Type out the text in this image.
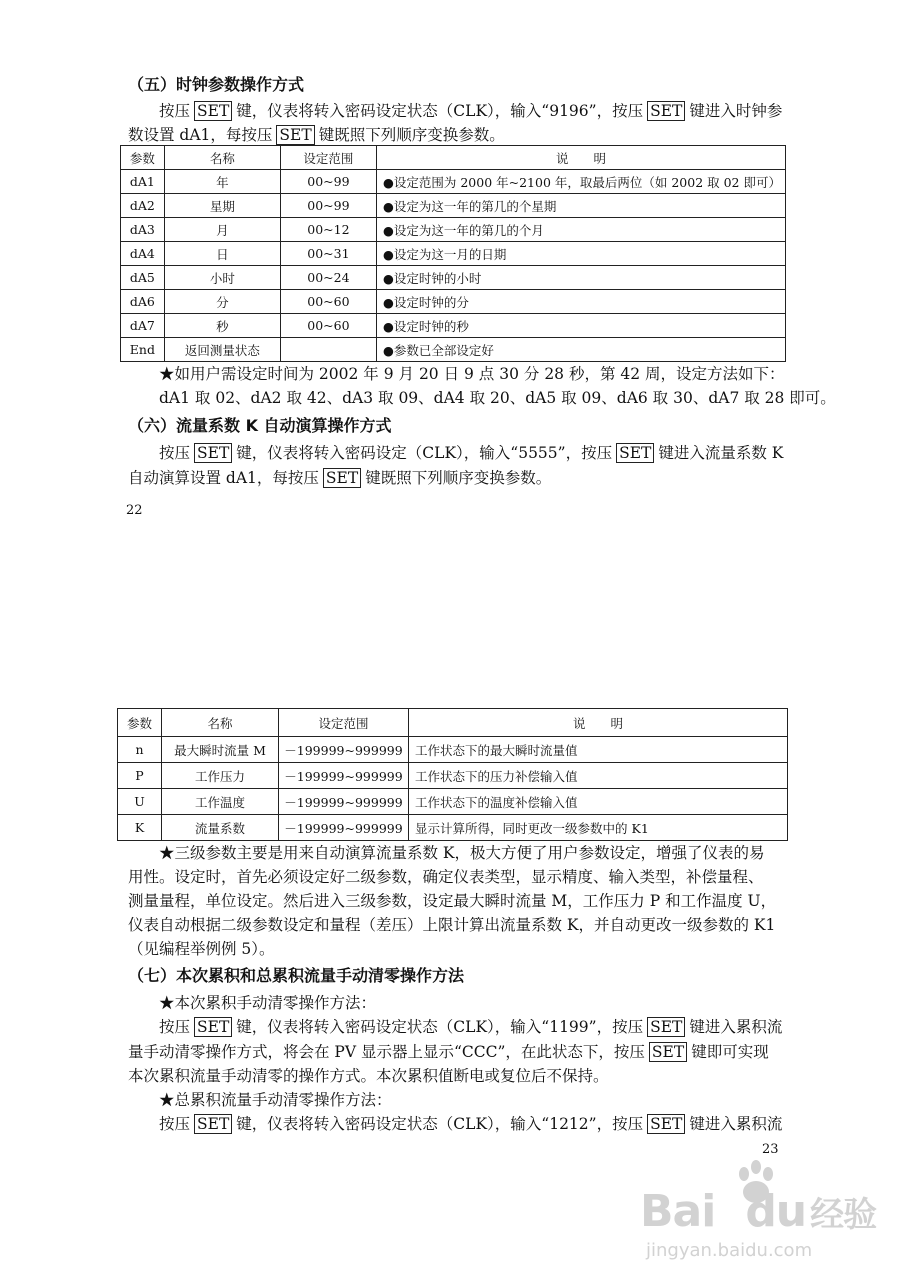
（五）时钟参数操作方式
按压 SET 键，仪表将转入密码设定状态（CLK），输入“9196”，按压 SET 键进入时钟参
数设置 dA1，每按压 SET 键既照下列顺序变换参数。
参数	名称	设定范围	说　　明
dA1	年	00~99	●设定范围为 2000 年~2100 年，取最后两位（如 2002 取 02 即可）
dA2	星期	00~99	●设定为这一年的第几的个星期
dA3	月	00~12	●设定为这一年的第几的个月
dA4	日	00~31	●设定为这一月的日期
dA5	小时	00~24	●设定时钟的小时
dA6	分	00~60	●设定时钟的分
dA7	秒	00~60	●设定时钟的秒
End	返回测量状态		●参数已全部设定好
★如用户需设定时间为 2002 年 9 月 20 日 9 点 30 分 28 秒，第 42 周，设定方法如下：
dA1 取 02、dA2 取 42、dA3 取 09、dA4 取 20、dA5 取 09、dA6 取 30、dA7 取 28 即可。
（六）流量系数 K 自动演算操作方式
按压 SET 键，仪表将转入密码设定（CLK），输入“5555”，按压 SET 键进入流量系数 K
自动演算设置 dA1，每按压 SET 键既照下列顺序变换参数。
22
参数	名称	设定范围	说　　明
n	最大瞬时流量 M	－199999~999999	工作状态下的最大瞬时流量值
P	工作压力	－199999~999999	工作状态下的压力补偿输入值
U	工作温度	－199999~999999	工作状态下的温度补偿输入值
K	流量系数	－199999~999999	显示计算所得，同时更改一级参数中的 K1
★三级参数主要是用来自动演算流量系数 K，极大方便了用户参数设定，增强了仪表的易
用性。设定时，首先必须设定好二级参数，确定仪表类型，显示精度、输入类型，补偿量程、
测量量程，单位设定。然后进入三级参数，设定最大瞬时流量 M，工作压力 P 和工作温度 U，
仪表自动根据二级参数设定和量程（差压）上限计算出流量系数 K，并自动更改一级参数的 K1
（见编程举例例 5）。
（七）本次累积和总累积流量手动清零操作方法
★本次累积手动清零操作方法：
按压 SET 键，仪表将转入密码设定状态（CLK），输入“1199”，按压 SET 键进入累积流
量手动清零操作方式，将会在 PV 显示器上显示“CCC”，在此状态下，按压 SET 键即可实现
本次累积流量手动清零的操作方式。本次累积值断电或复位后不保持。
★总累积流量手动清零操作方法：
按压 SET 键，仪表将转入密码设定状态（CLK），输入“1212”，按压 SET 键进入累积流
23
Bai du 经验
jingyan.baidu.com
